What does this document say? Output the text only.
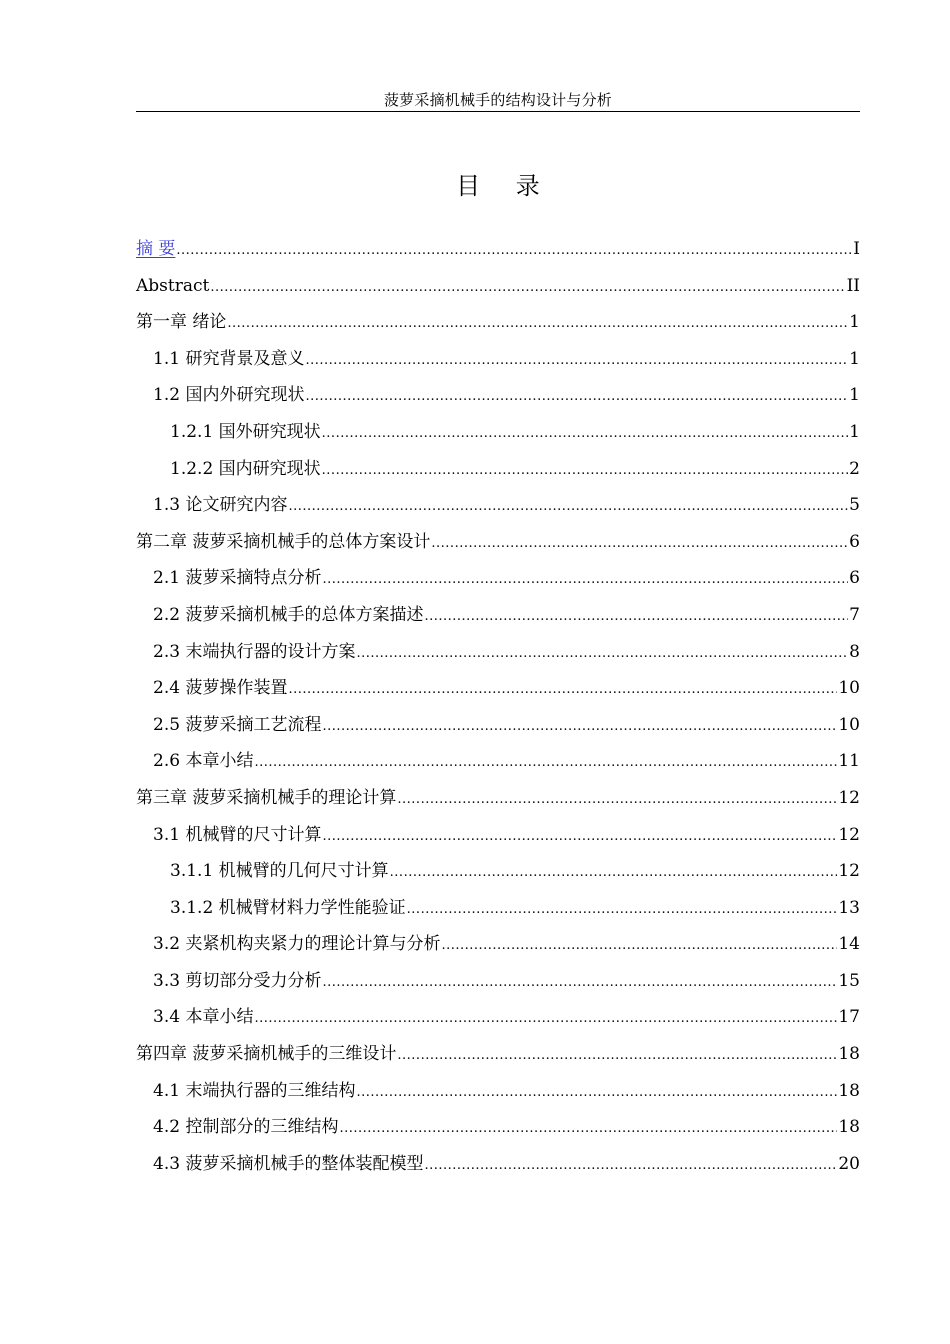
菠萝采摘机械手的结构设计与分析
目 录
摘 要 .....	I
Abstract .....	II
第一章 绪论 .....	1
1.1 研究背景及意义 .....	1
1.2 国内外研究现状 .....	1
1.2.1 国外研究现状 .....	1
1.2.2 国内研究现状 .....	2
1.3 论文研究内容 .....	5
第二章 菠萝采摘机械手的总体方案设计 .....	6
2.1 菠萝采摘特点分析 .....	6
2.2 菠萝采摘机械手的总体方案描述 .....	7
2.3 末端执行器的设计方案 .....	8
2.4 菠萝操作装置 .....	10
2.5 菠萝采摘工艺流程 .....	10
2.6 本章小结 .....	11
第三章 菠萝采摘机械手的理论计算 .....	12
3.1 机械臂的尺寸计算 .....	12
3.1.1 机械臂的几何尺寸计算 .....	12
3.1.2 机械臂材料力学性能验证 .....	13
3.2 夹紧机构夹紧力的理论计算与分析 .....	14
3.3 剪切部分受力分析 .....	15
3.4 本章小结 .....	17
第四章 菠萝采摘机械手的三维设计 .....	18
4.1 末端执行器的三维结构 .....	18
4.2 控制部分的三维结构 .....	18
4.3 菠萝采摘机械手的整体装配模型 .....	20
